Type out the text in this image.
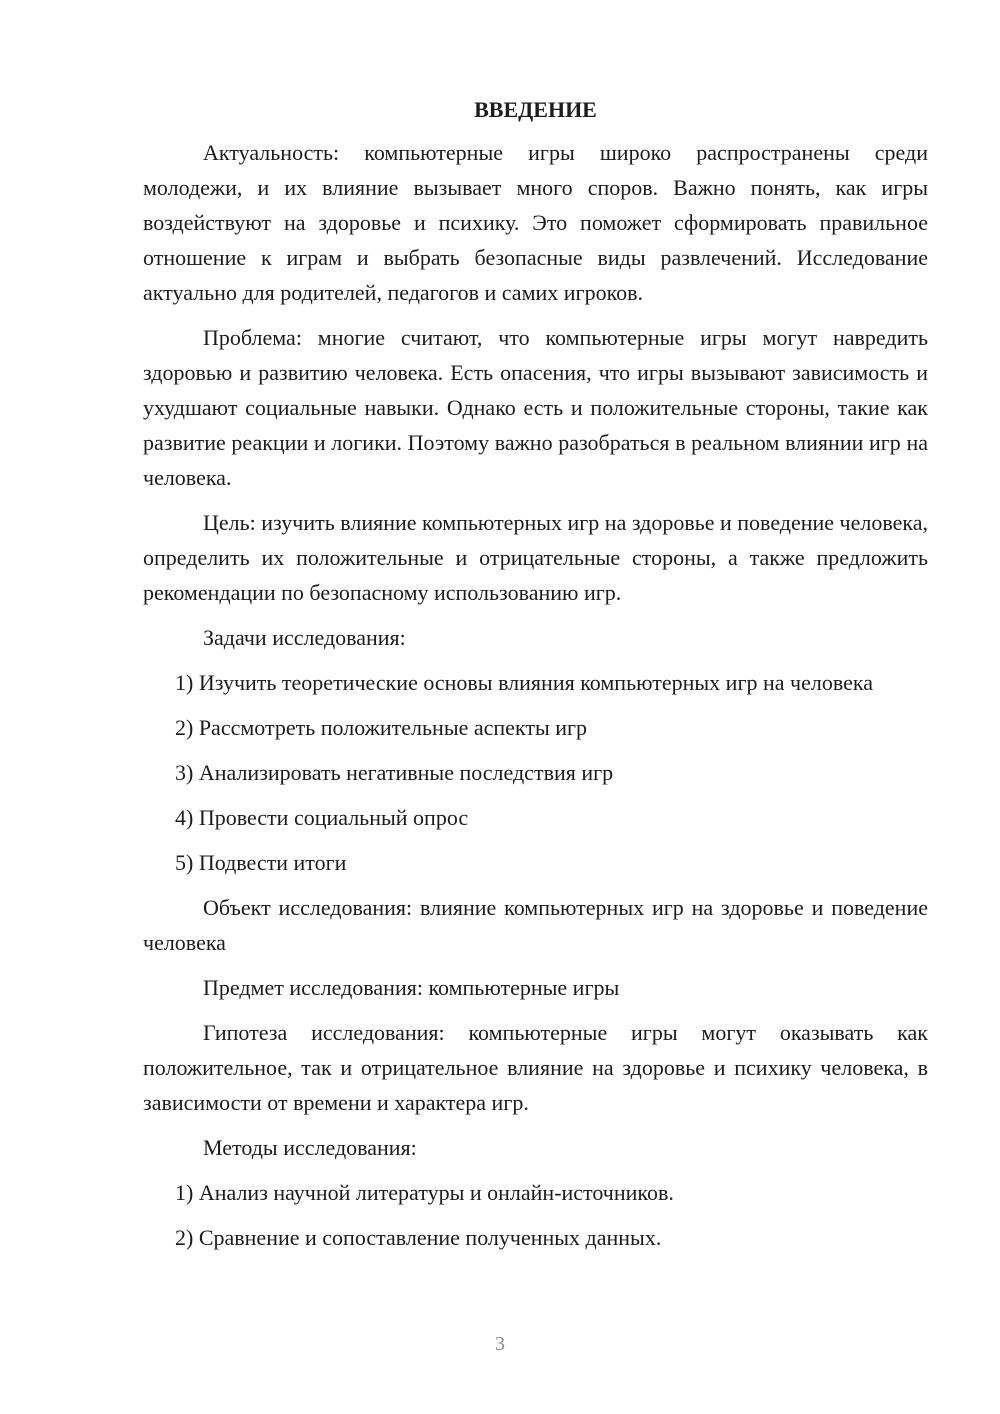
ВВЕДЕНИЕ

Актуальность: компьютерные игры широко распространены среди молодежи, и их влияние вызывает много споров. Важно понять, как игры воздействуют на здоровье и психику. Это поможет сформировать правильное отношение к играм и выбрать безопасные виды развлечений. Исследование актуально для родителей, педагогов и самих игроков.

Проблема: многие считают, что компьютерные игры могут навредить здоровью и развитию человека. Есть опасения, что игры вызывают зависимость и ухудшают социальные навыки. Однако есть и положительные стороны, такие как развитие реакции и логики. Поэтому важно разобраться в реальном влиянии игр на человека.

Цель: изучить влияние компьютерных игр на здоровье и поведение человека, определить их положительные и отрицательные стороны, а также предложить рекомендации по безопасному использованию игр.

Задачи исследования:

1) Изучить теоретические основы влияния компьютерных игр на человека

2) Рассмотреть положительные аспекты игр

3) Анализировать негативные последствия игр

4) Провести социальный опрос

5) Подвести итоги

Объект исследования: влияние компьютерных игр на здоровье и поведение человека

Предмет исследования: компьютерные игры

Гипотеза исследования: компьютерные игры могут оказывать как положительное, так и отрицательное влияние на здоровье и психику человека, в зависимости от времени и характера игр.

Методы исследования:

1) Анализ научной литературы и онлайн-источников.

2) Сравнение и сопоставление полученных данных.

3
